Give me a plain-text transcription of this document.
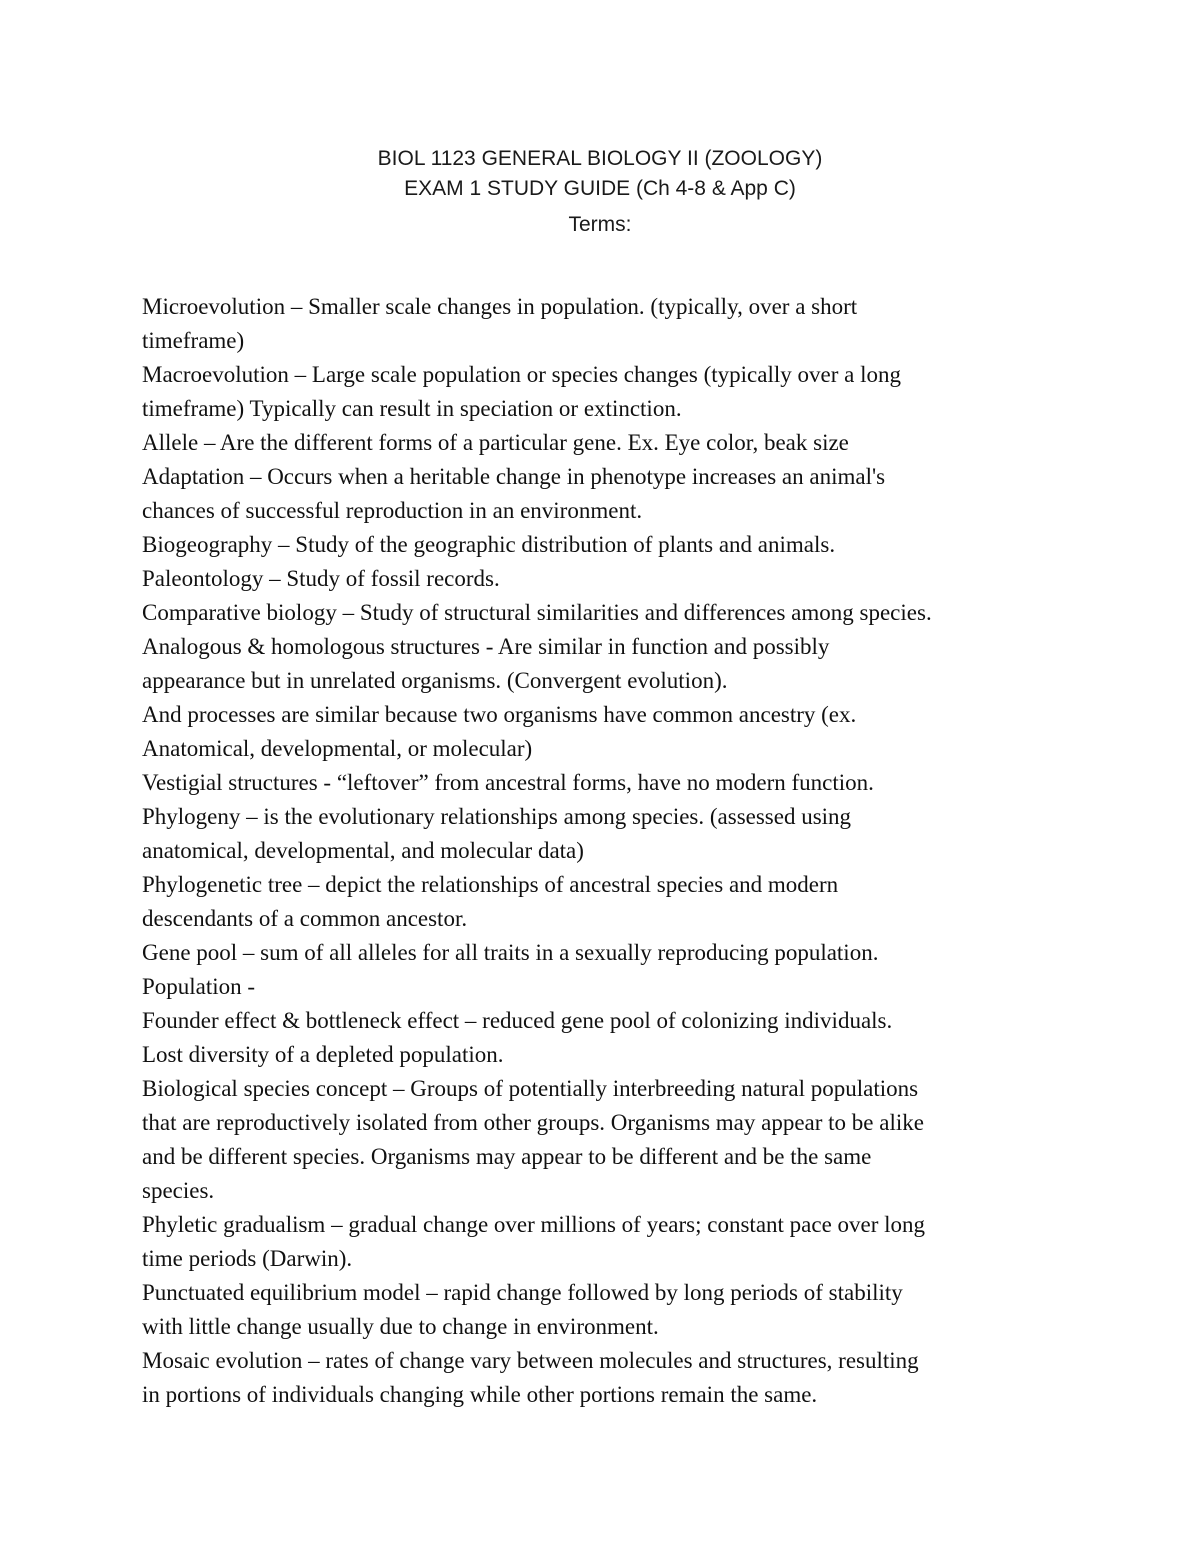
BIOL 1123 GENERAL BIOLOGY II (ZOOLOGY)
EXAM 1 STUDY GUIDE (Ch 4-8 & App C)
Terms:
Microevolution – Smaller scale changes in population. (typically, over a short
timeframe)
Macroevolution – Large scale population or species changes (typically over a long
timeframe) Typically can result in speciation or extinction.
Allele – Are the different forms of a particular gene. Ex. Eye color, beak size
Adaptation – Occurs when a heritable change in phenotype increases an animal's
chances of successful reproduction in an environment.
Biogeography – Study of the geographic distribution of plants and animals.
Paleontology – Study of fossil records.
Comparative biology – Study of structural similarities and differences among species.
Analogous & homologous structures - Are similar in function and possibly
appearance but in unrelated organisms. (Convergent evolution).
And processes are similar because two organisms have common ancestry (ex.
Anatomical, developmental, or molecular)
Vestigial structures - “leftover” from ancestral forms, have no modern function.
Phylogeny – is the evolutionary relationships among species. (assessed using
anatomical, developmental, and molecular data)
Phylogenetic tree – depict the relationships of ancestral species and modern
descendants of a common ancestor.
Gene pool – sum of all alleles for all traits in a sexually reproducing population.
Population -
Founder effect & bottleneck effect – reduced gene pool of colonizing individuals.
Lost diversity of a depleted population.
Biological species concept – Groups of potentially interbreeding natural populations
that are reproductively isolated from other groups. Organisms may appear to be alike
and be different species. Organisms may appear to be different and be the same
species.
Phyletic gradualism – gradual change over millions of years; constant pace over long
time periods (Darwin).
Punctuated equilibrium model – rapid change followed by long periods of stability
with little change usually due to change in environment.
Mosaic evolution – rates of change vary between molecules and structures, resulting
in portions of individuals changing while other portions remain the same.
